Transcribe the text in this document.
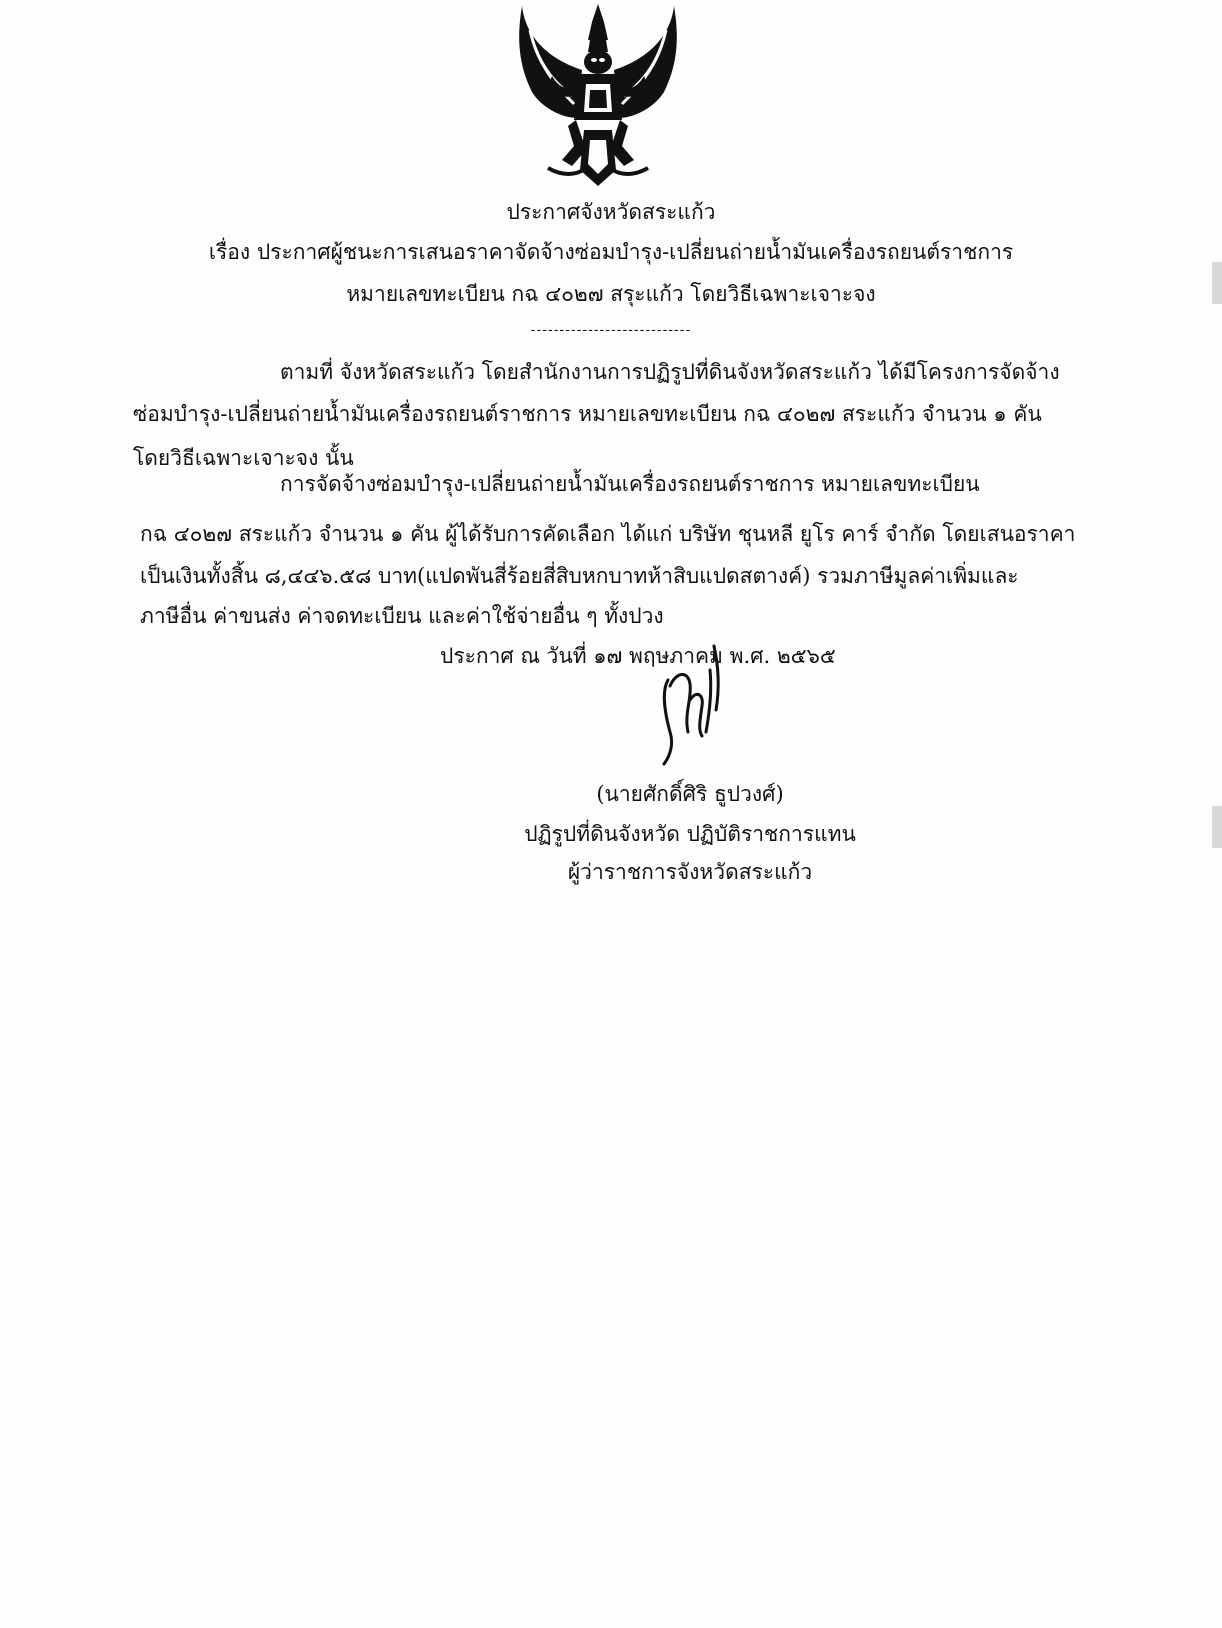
ประกาศจังหวัดสระแก้ว
เรื่อง ประกาศผู้ชนะการเสนอราคาจัดจ้างซ่อมบำรุง-เปลี่ยนถ่ายน้ำมันเครื่องรถยนต์ราชการ
หมายเลขทะเบียน กฉ ๔๐๒๗ สรุะแก้ว โดยวิธีเฉพาะเจาะจง
----------------------------
ตามที่ จังหวัดสระแก้ว โดยสำนักงานการปฏิรูปที่ดินจังหวัดสระแก้ว ได้มีโครงการจัดจ้าง
ซ่อมบำรุง-เปลี่ยนถ่ายน้ำมันเครื่องรถยนต์ราชการ หมายเลขทะเบียน กฉ ๔๐๒๗ สระแก้ว จำนวน ๑ คัน
โดยวิธีเฉพาะเจาะจง นั้น
การจัดจ้างซ่อมบำรุง-เปลี่ยนถ่ายน้ำมันเครื่องรถยนต์ราชการ หมายเลขทะเบียน
กฉ ๔๐๒๗ สระแก้ว จำนวน ๑ คัน ผู้ได้รับการคัดเลือก ได้แก่ บริษัท ชุนหลี ยูโร คาร์ จำกัด โดยเสนอราคา
เป็นเงินทั้งสิ้น ๘,๔๔๖.๕๘ บาท(แปดพันสี่ร้อยสี่สิบหกบาทห้าสิบแปดสตางค์) รวมภาษีมูลค่าเพิ่มและ
ภาษีอื่น ค่าขนส่ง ค่าจดทะเบียน และค่าใช้จ่ายอื่น ๆ ทั้งปวง
ประกาศ ณ วันที่ ๑๗ พฤษภาคม พ.ศ. ๒๕๖๕
(นายศักดิ์ศิริ ธูปวงศ์)
ปฏิรูปที่ดินจังหวัด ปฏิบัติราชการแทน
ผู้ว่าราชการจังหวัดสระแก้ว
